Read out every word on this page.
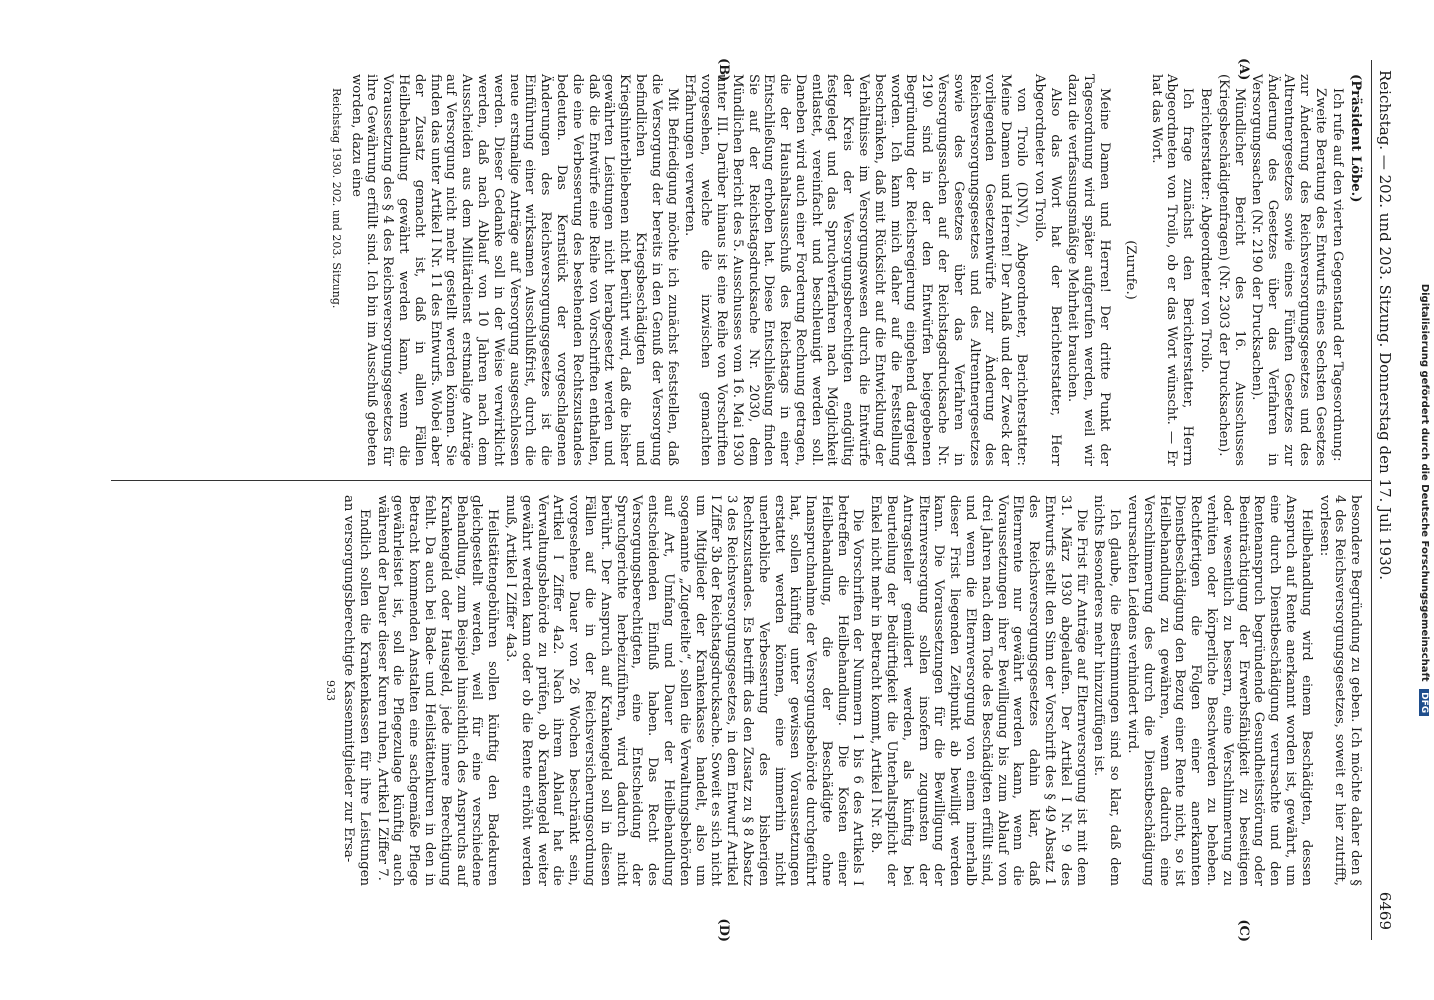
Reichstag. — 202. und 203. Sitzung. Donnerstag den 17. Juli 1930.
6469

(Präsident Löbe.)

Ich rufe auf den vierten Gegenstand der Tagesordnung:

Zweite Beratung des Entwurfs eines Sechsten Gesetzes zur Änderung des Reichsversorgungsgesetzes und des Altrentnergesetzes sowie eines Fünften Gesetzes zur Änderung des Gesetzes über das Verfahren in Versorgungssachen (Nr. 2190 der Drucksachen).

Mündlicher Bericht des 16. Ausschusses (Kriegsbeschädigtenfragen) (Nr. 2303 der Drucksachen).

Berichterstatter: Abgeordneter von Troilo.

Ich frage zunächst den Berichterstatter, Herrn Abgeordneten von Troilo, ob er das Wort wünscht. — Er hat das Wort.

(Zurufe.)

Meine Damen und Herren! Der dritte Punkt der Tagesordnung wird später aufgerufen werden, weil wir dazu die verfassungsmäßige Mehrheit brauchen.

Also das Wort hat der Berichterstatter, Herr Abgeordneter von Troilo.

von Troilo (DNV), Abgeordneter, Berichterstatter: Meine Damen und Herren! Der Anlaß und der Zweck der vorliegenden Gesetzentwürfe zur Änderung des Reichsversorgungsgesetzes und des Altrentnergesetzes sowie des Gesetzes über das Verfahren in Versorgungssachen auf der Reichstagsdrucksache Nr. 2190 sind in der den Entwürfen beigegebenen Begründung der Reichsregierung eingehend dargelegt worden. Ich kann mich daher auf die Feststellung beschränken, daß mit Rücksicht auf die Entwicklung der Verhältnisse im Versorgungswesen durch die Entwürfe der Kreis der Versorgungsberechtigten endgültig festgelegt und das Spruchverfahren nach Möglichkeit entlastet, vereinfacht und beschleunigt werden soll. Daneben wird auch einer Forderung Rechnung getragen, die der Haushaltsausschuß des Reichstags in einer Entschließung erhoben hat. Diese Entschließung finden Sie auf der Reichstagsdrucksache Nr. 2030, dem Mündlichen Bericht des 5. Ausschusses vom 16. Mai 1930 unter III. Darüber hinaus ist eine Reihe von Vorschriften vorgesehen, welche die inzwischen gemachten Erfahrungen verwerten.

Mit Befriedigung möchte ich zunächst feststellen, daß die Versorgung der bereits in den Genuß der Versorgung befindlichen Kriegsbeschädigten und Kriegshinterbliebenen nicht berührt wird, daß die bisher gewährten Leistungen nicht herabgesetzt werden und daß die Entwürfe eine Reihe von Vorschriften enthalten, die eine Verbesserung des bestehenden Rechtszustandes bedeuten. Das Kernstück der vorgeschlagenen Änderungen des Reichsversorgungsgesetzes ist die Einführung einer wirksamen Ausschlußfrist, durch die neue erstmalige Anträge auf Versorgung ausgeschlossen werden. Dieser Gedanke soll in der Weise verwirklicht werden, daß nach Ablauf von 10 Jahren nach dem Ausscheiden aus dem Militärdienst erstmalige Anträge auf Versorgung nicht mehr gestellt werden können. Sie finden das unter Artikel I Nr. 11 des Entwurfs. Wobei aber der Zusatz gemacht ist, daß in allen Fällen Heilbehandlung gewährt werden kann, wenn die Voraussetzung des § 4 des Reichsversorgungsgesetzes für ihre Gewährung erfüllt sind. Ich bin im Ausschuß gebeten worden, dazu eine

Reichstag 1930. 202. und 203. Sitzung.

besondere Begründung zu geben. Ich möchte daher den § 4 des Reichsversorgungsgesetzes, soweit er hier zutrifft, vorlesen:

Heilbehandlung wird einem Beschädigten, dessen Anspruch auf Rente anerkannt worden ist, gewährt, um eine durch Dienstbeschädigung verursachte und den Rentenanspruch begründende Gesundheitsstörung oder Beeinträchtigung der Erwerbsfähigkeit zu beseitigen oder wesentlich zu bessern, eine Verschlimmerung zu verhüten oder körperliche Beschwerden zu beheben. Rechtfertigen die Folgen einer anerkannten Dienstbeschädigung den Bezug einer Rente nicht, so ist Heilbehandlung zu gewähren, wenn dadurch eine Verschlimmerung des durch die Dienstbeschädigung verursachten Leidens verhindert wird.

Ich glaube, die Bestimmungen sind so klar, daß dem nichts Besonderes mehr hinzuzufügen ist.

Die Frist für Anträge auf Elternversorgung ist mit dem 31. März 1930 abgelaufen. Der Artikel I Nr. 9 des Entwurfs stellt den Sinn der Vorschrift des § 49 Absatz 1 des Reichsversorgungsgesetzes dahin klar, daß Elternrente nur gewährt werden kann, wenn die Voraussetzungen ihrer Bewilligung bis zum Ablauf von drei Jahren nach dem Tode des Beschädigten erfüllt sind, und wenn die Elternversorgung von einem innerhalb dieser Frist liegenden Zeitpunkt ab bewilligt werden kann. Die Voraussetzungen für die Bewilligung der Elternversorgung sollen insofern zugunsten der Antragsteller gemildert werden, als künftig bei Beurteilung der Bedürftigkeit die Unterhaltspflicht der Enkel nicht mehr in Betracht kommt, Artikel I Nr. 8b.

Die Vorschriften der Nummern 1 bis 6 des Artikels I betreffen die Heilbehandlung. Die Kosten einer Heilbehandlung, die der Beschädigte ohne Inanspruchnahme der Versorgungsbehörde durchgeführt hat, sollen künftig unter gewissen Voraussetzungen erstattet werden können, eine immerhin nicht unerhebliche Verbesserung des bisherigen Rechtszustandes. Es betrifft das den Zusatz zu § 8 Absatz 3 des Reichsversorgungsgesetzes, in dem Entwurf Artikel I Ziffer 3b der Reichstagsdrucksache. Soweit es sich nicht um Mitglieder der Krankenkasse handelt, also um sogenannte „Zugeteilte“, sollen die Verwaltungsbehörden auf Art, Umfang und Dauer der Heilbehandlung entscheidenden Einfluß haben. Das Recht des Versorgungsberechtigten, eine Entscheidung der Spruchgerichte herbeizuführen, wird dadurch nicht berührt. Der Anspruch auf Krankengeld soll in diesen Fällen auf die in der Reichsversicherungsordnung vorgesehene Dauer von 26 Wochen beschränkt sein, Artikel I Ziffer 4a2. Nach ihrem Ablauf hat die Verwaltungsbehörde zu prüfen, ob Krankengeld weiter gewährt werden kann oder ob die Rente erhöht werden muß, Artikel I Ziffer 4a3.

Heilstättengebühren sollen künftig den Badekuren gleichgestellt werden, weil für eine verschiedene Behandlung, zum Beispiel hinsichtlich des Anspruchs auf Krankengeld oder Hausgeld, jede innere Berechtigung fehlt. Da auch bei Bade- und Heilstättenkuren in den in Betracht kommenden Anstalten eine sachgemäße Pflege gewährleistet ist, soll die Pflegezulage künftig auch während der Dauer dieser Kuren ruhen, Artikel I Ziffer 7.

Endlich sollen die Krankenkassen für ihre Leistungen an versorgungsberechtigte Kassenmitglieder zur Ersa-

933
(A)
(B)
(C)
(D)
Digitalisierung gefördert durch die Deutsche Forschungsgemeinschaft DFG
